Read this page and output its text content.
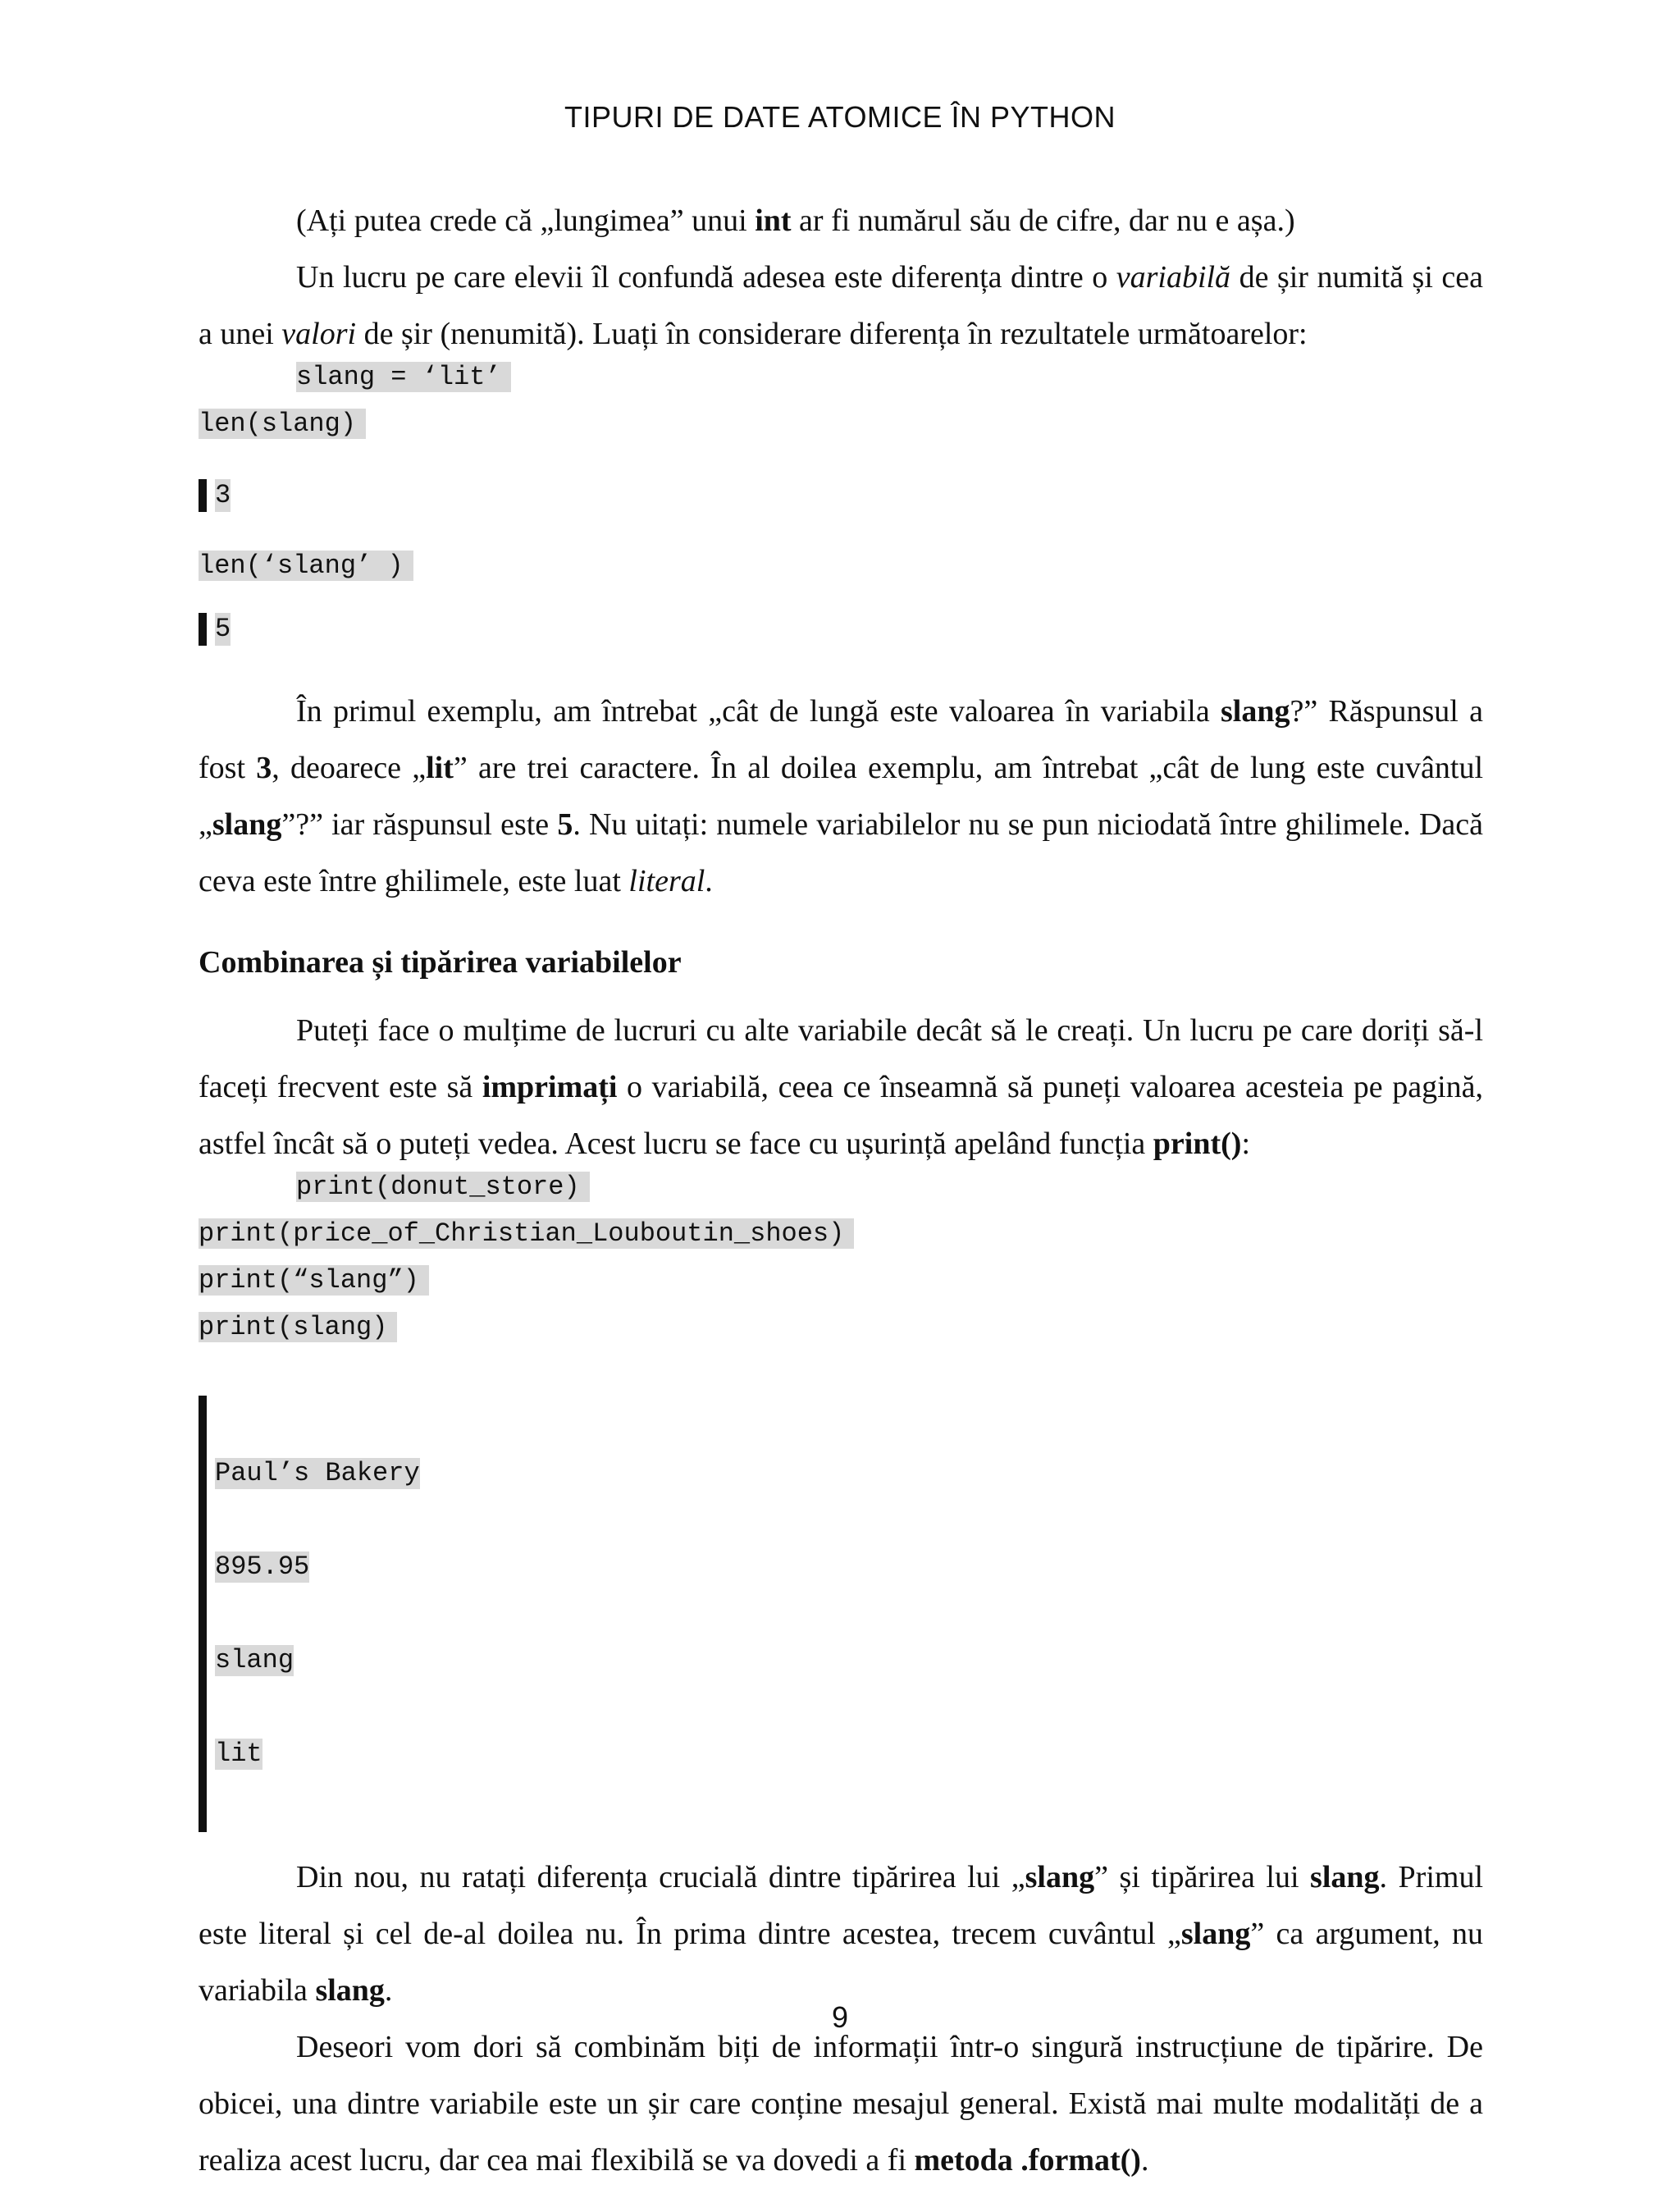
TIPURI DE DATE ATOMICE ÎN PYTHON

(Ați putea crede că „lungimea” unui int ar fi numărul său de cifre, dar nu e așa.)

Un lucru pe care elevii îl confundă adesea este diferența dintre o variabilă de șir numită și cea a unei valori de șir (nenumită). Luați în considerare diferența în rezultatele următoarelor:

slang = ‘lit’
len(slang)
3
len(‘slang’ )
5

În primul exemplu, am întrebat „cât de lungă este valoarea în variabila slang?” Răspunsul a fost 3, deoarece „lit” are trei caractere. În al doilea exemplu, am întrebat „cât de lung este cuvântul „slang”?” iar răspunsul este 5. Nu uitați: numele variabilelor nu se pun niciodată între ghilimele. Dacă ceva este între ghilimele, este luat literal.

Combinarea și tipărirea variabilelor

Puteți face o mulțime de lucruri cu alte variabile decât să le creați. Un lucru pe care doriți să-l faceți frecvent este să imprimați o variabilă, ceea ce înseamnă să puneți valoarea acesteia pe pagină, astfel încât să o puteți vedea. Acest lucru se face cu ușurință apelând funcția print():

print(donut_store)
print(price_of_Christian_Louboutin_shoes)
print(“slang”)
print(slang)

Paul’s Bakery

895.95

slang

lit

Din nou, nu ratați diferența crucială dintre tipărirea lui „slang” și tipărirea lui slang. Primul este literal și cel de-al doilea nu. În prima dintre acestea, trecem cuvântul „slang” ca argument, nu variabila slang.

Deseori vom dori să combinăm biți de informații într-o singură instrucțiune de tipărire. De obicei, una dintre variabile este un șir care conține mesajul general. Există mai multe modalități de a realiza acest lucru, dar cea mai flexibilă se va dovedi a fi metoda .format().

9
